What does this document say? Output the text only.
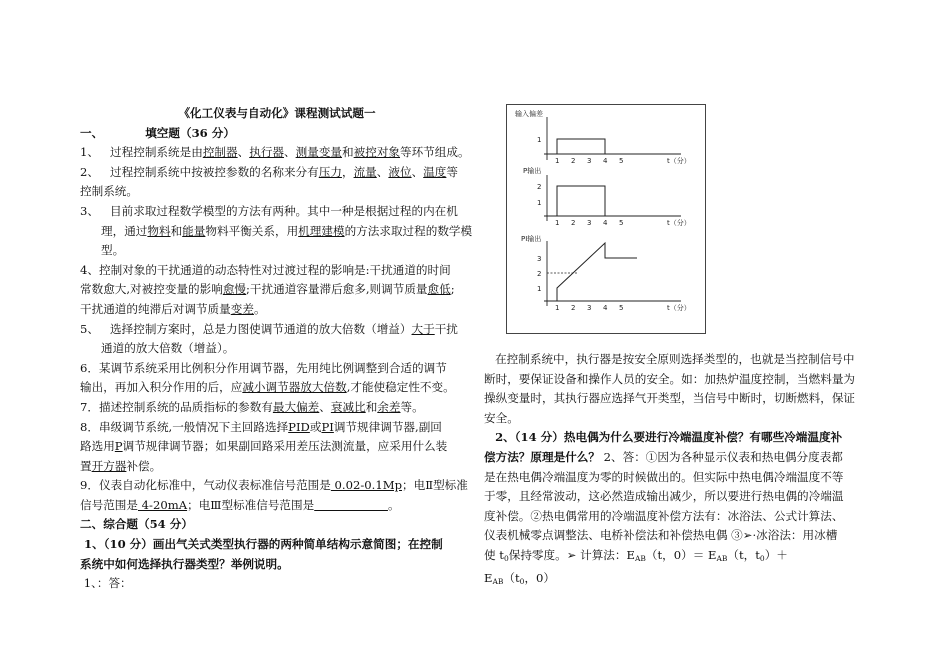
《化工仪表与自动化》课程测试试题一
一、	填空题（36 分）
1、 过程控制系统是由控制器、执行器、测量变量和被控对象等环节组成。
2、 过程控制系统中按被控参数的名称来分有压力，流量、液位、温度等
控制系统。
3、 目前求取过程数学模型的方法有两种。其中一种是根据过程的内在机
理，通过物料和能量物料平衡关系，用机理建模的方法求取过程的数学模
型。
4、控制对象的干扰通道的动态特性对过渡过程的影响是:干扰通道的时间
常数愈大,对被控变量的影响愈慢;干扰通道容量滞后愈多,则调节质量愈低;
干扰通道的纯滞后对调节质量变差。
5、 选择控制方案时，总是力图使调节通道的放大倍数（增益）大于干扰
通道的放大倍数（增益）。
6．某调节系统采用比例积分作用调节器，先用纯比例调整到合适的调节
输出，再加入积分作用的后，应减小调节器放大倍数,才能使稳定性不变。
7．描述控制系统的品质指标的参数有最大偏差、衰减比和余差等。
8．串级调节系统,一般情况下主回路选择PID或PI调节规律调节器,副回
路选用P调节规律调节器；如果副回路采用差压法测流量，应采用什么装
置开方器补偿。
9．仪表自动化标准中，气动仪表标准信号范围是 0.02-0.1Mp；电Ⅱ型标准
信号范围是 4-20mA；电Ⅲ型标准信号范围是	。
二、综合题（54 分）
1、（10 分）画出气关式类型执行器的两种简单结构示意简图；在控制
系统中如何选择执行器类型？举例说明。
1、：答：
输入偏差
1
1 2 3 4 5	t（分）
P输出
2
1
1 2 3 4 5	t（分）
PI输出
3
2
1
1 2 3 4 5	t（分）
在控制系统中，执行器是按安全原则选择类型的，也就是当控制信号中
断时，要保证设备和操作人员的安全。如：加热炉温度控制，当燃料量为
操纵变量时，其执行器应选择气开类型，当信号中断时，切断燃料，保证
安全。
2、（14 分）热电偶为什么要进行冷端温度补偿？有哪些冷端温度补
偿方法？原理是什么？ 2、答：①因为各种显示仪表和热电偶分度表都
是在热电偶冷端温度为零的时候做出的。但实际中热电偶冷端温度不等
于零，且经常波动，这必然造成输出减少，所以要进行热电偶的冷端温
度补偿。②热电偶常用的冷端温度补偿方法有：冰浴法、公式计算法、
仪表机械零点调整法、电桥补偿法和补偿热电偶 ③➢·冰浴法：用冰槽
使 $t_0$保持零度。➢ 计算法：$E_{AB}(t$，$0)= E_{AB}(t$，$t_0)+$
$E_{AB}(t_0$，0）
